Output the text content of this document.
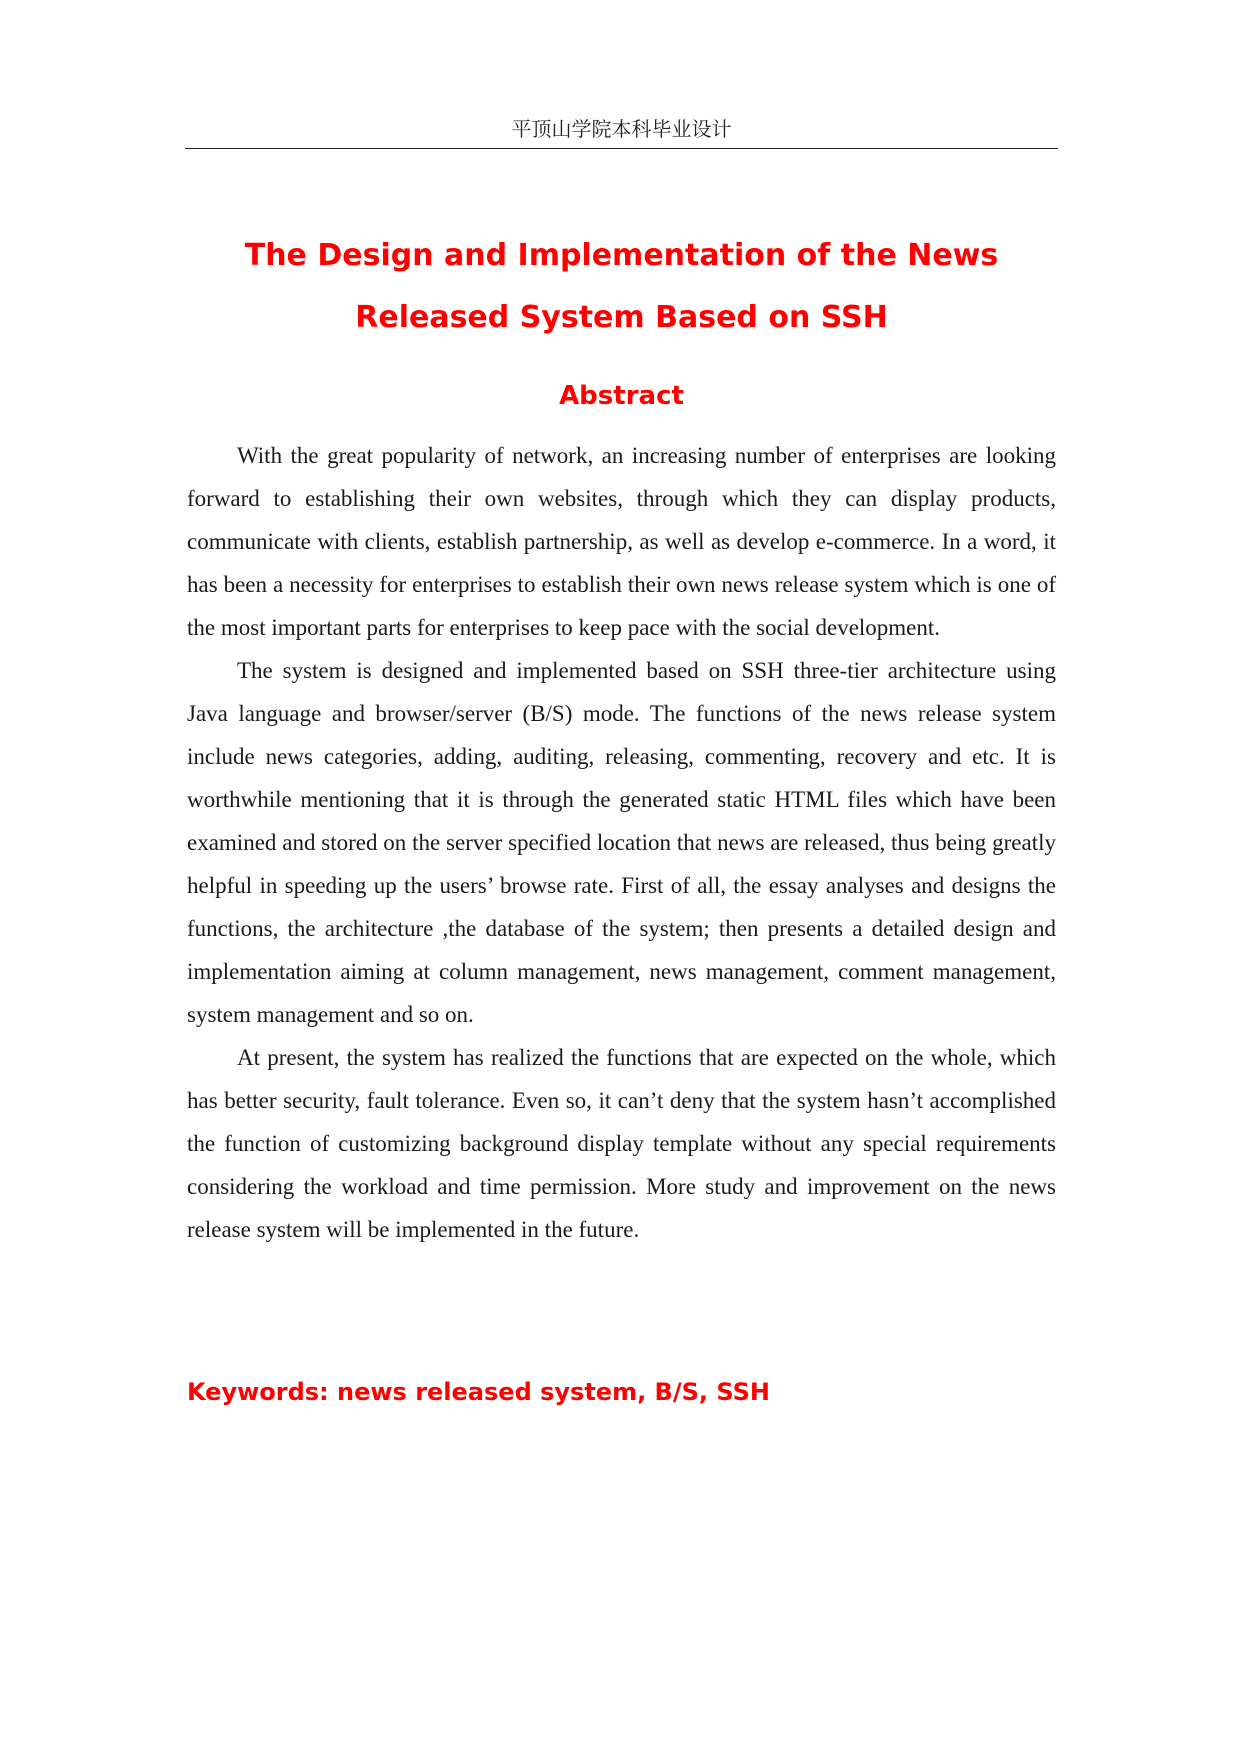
平顶山学院本科毕业设计
The Design and Implementation of the News
Released System Based on SSH
Abstract

With the great popularity of network, an increasing number of enterprises are looking forward to establishing their own websites, through which they can display products, communicate with clients, establish partnership, as well as develop e-commerce. In a word, it has been a necessity for enterprises to establish their own news release system which is one of the most important parts for enterprises to keep pace with the social development.

The system is designed and implemented based on SSH three-tier architecture using Java language and browser/server (B/S) mode. The functions of the news release system include news categories, adding, auditing, releasing, commenting, recovery and etc. It is worthwhile mentioning that it is through the generated static HTML files which have been examined and stored on the server specified location that news are released, thus being greatly helpful in speeding up the users’ browse rate. First of all, the essay analyses and designs the functions, the architecture ,the database of the system; then presents a detailed design and implementation aiming at column management, news management, comment management, system management and so on.

At present, the system has realized the functions that are expected on the whole, which has better security, fault tolerance. Even so, it can’t deny that the system hasn’t accomplished the function of customizing background display template without any special requirements considering the workload and time permission. More study and improvement on the news release system will be implemented in the future.

Keywords: news released system, B/S, SSH
